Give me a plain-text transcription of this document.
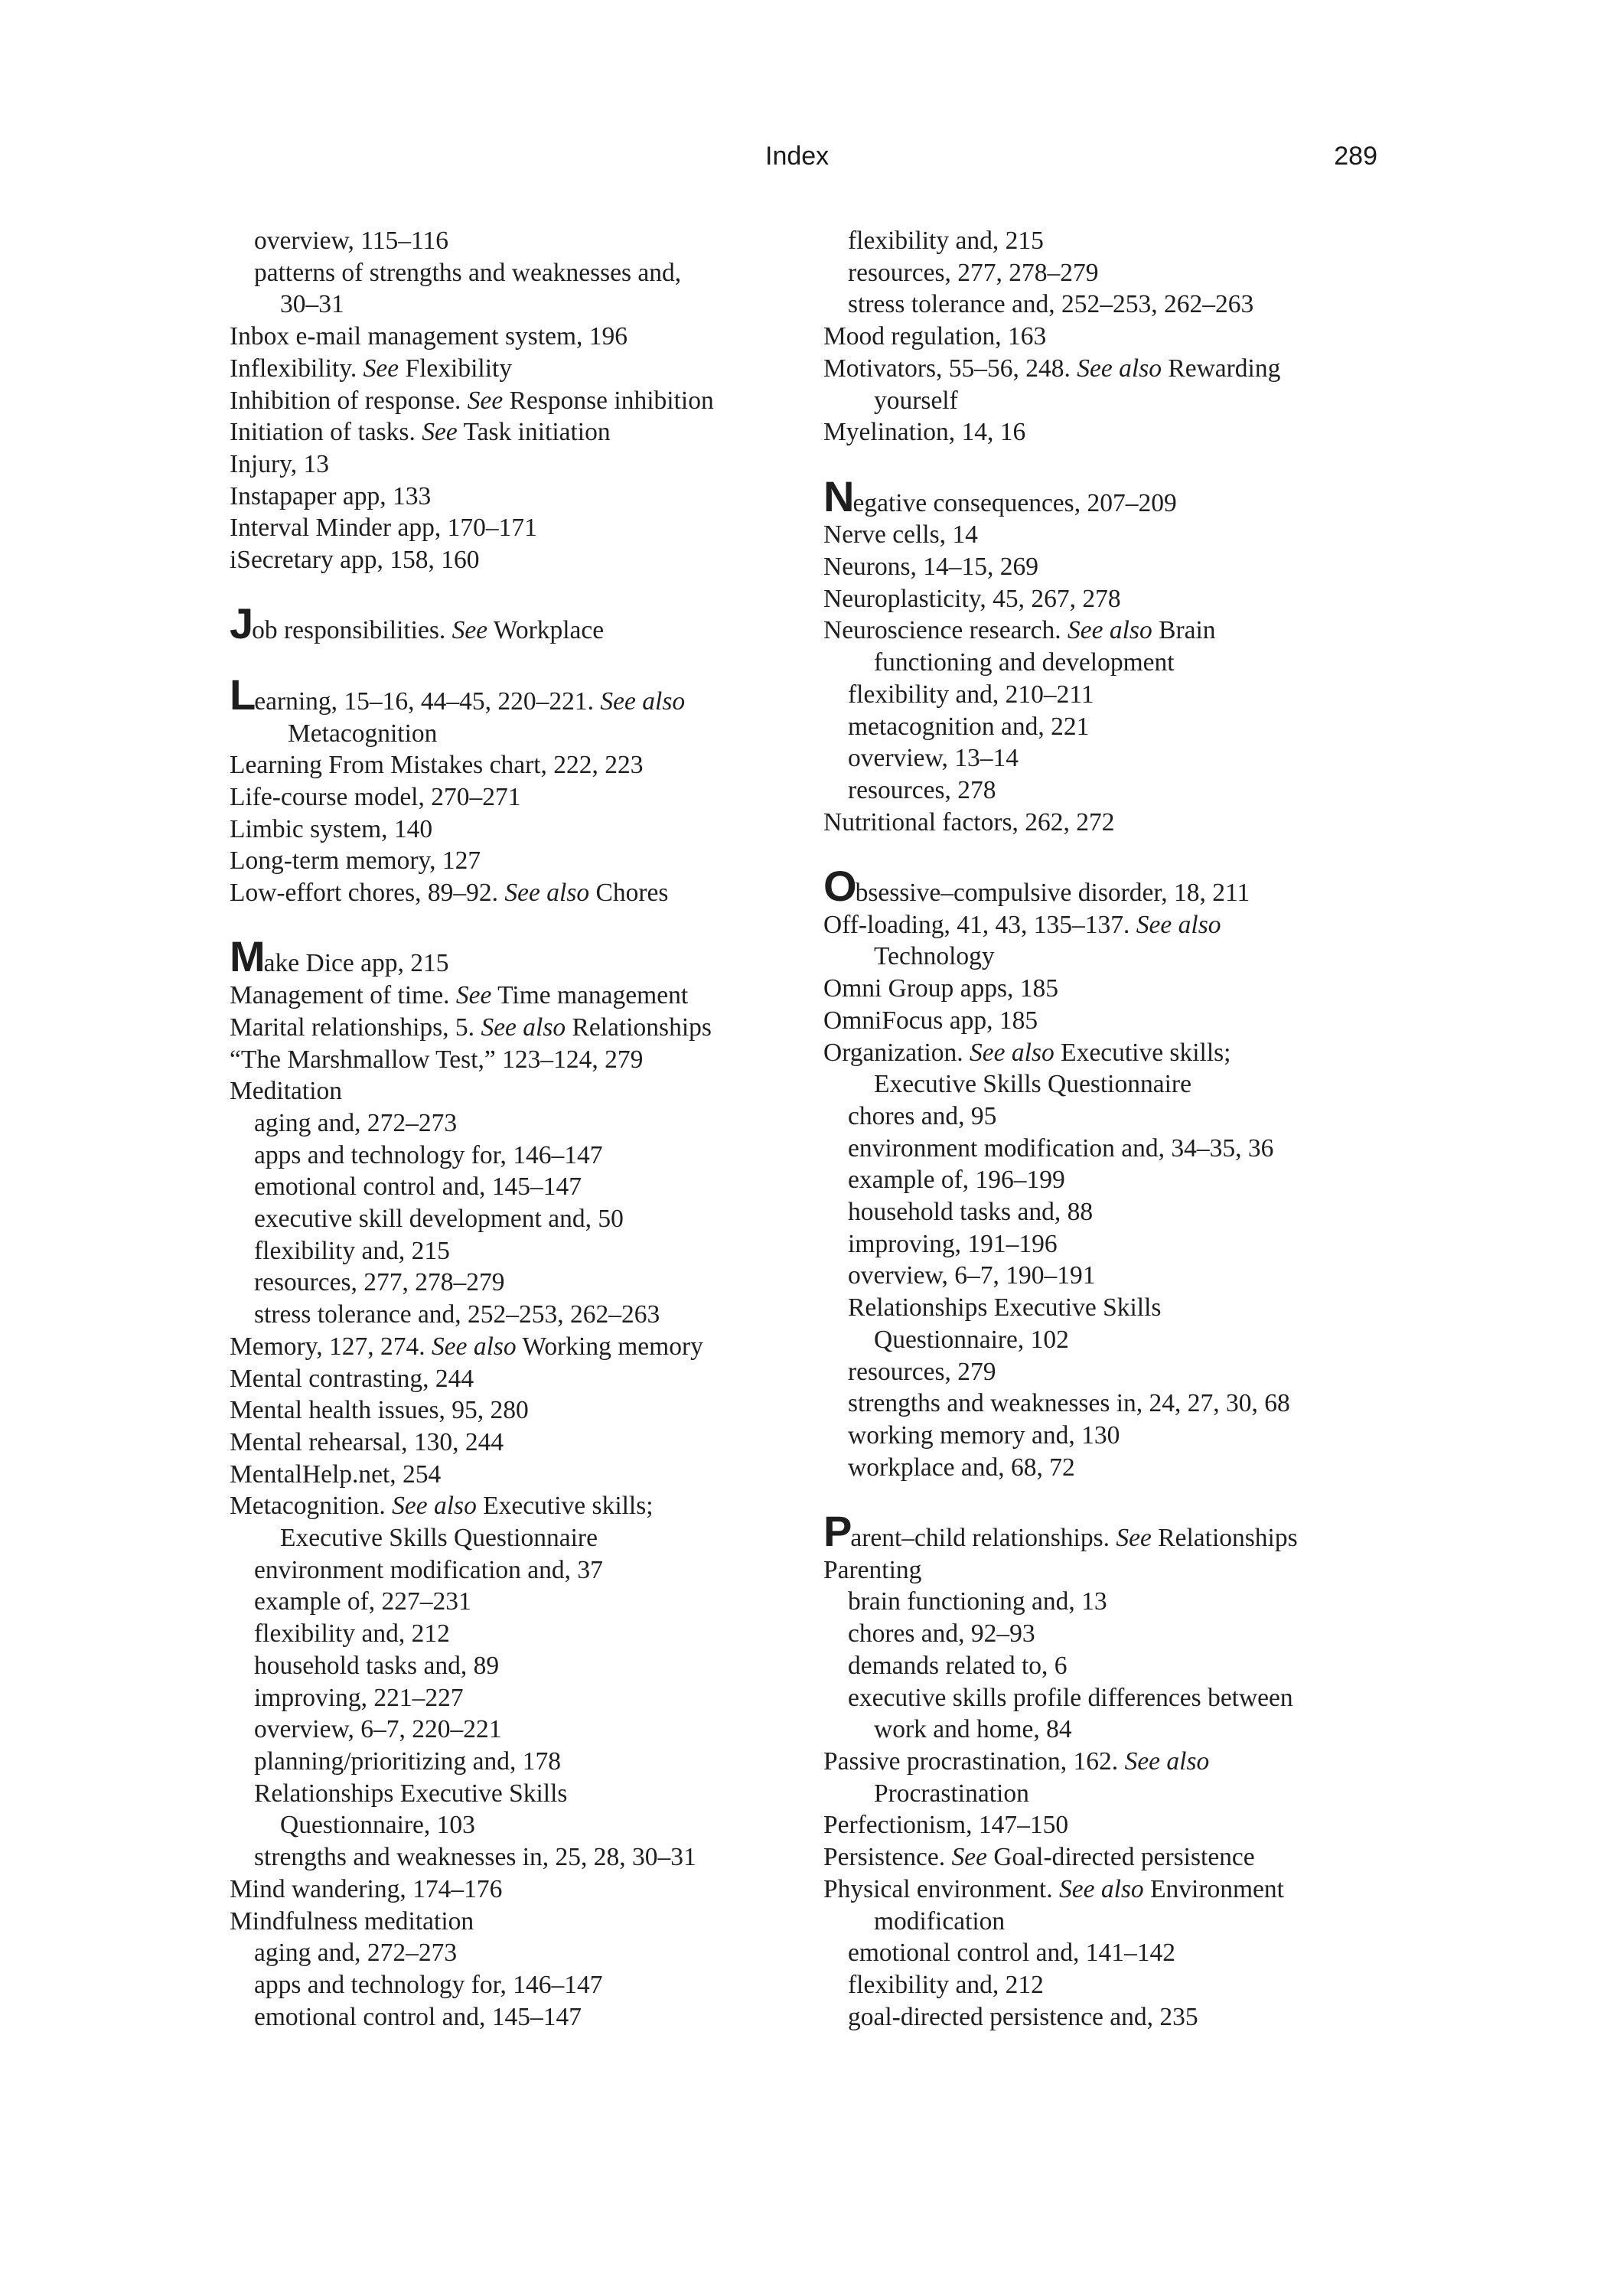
Index	289

overview, 115–116

patterns of strengths and weaknesses and,

30–31

Inbox e-mail management system, 196

Inflexibility. See Flexibility

Inhibition of response. See Response inhibition

Initiation of tasks. See Task initiation

Injury, 13

Instapaper app, 133

Interval Minder app, 170–171

iSecretary app, 158, 160

Job responsibilities. See Workplace

Learning, 15–16, 44–45, 220–221. See also

Metacognition

Learning From Mistakes chart, 222, 223

Life-course model, 270–271

Limbic system, 140

Long-term memory, 127

Low-effort chores, 89–92. See also Chores

Make Dice app, 215

Management of time. See Time management

Marital relationships, 5. See also Relationships

“The Marshmallow Test,” 123–124, 279

Meditation

aging and, 272–273

apps and technology for, 146–147

emotional control and, 145–147

executive skill development and, 50

flexibility and, 215

resources, 277, 278–279

stress tolerance and, 252–253, 262–263

Memory, 127, 274. See also Working memory

Mental contrasting, 244

Mental health issues, 95, 280

Mental rehearsal, 130, 244

MentalHelp.net, 254

Metacognition. See also Executive skills;

Executive Skills Questionnaire

environment modification and, 37

example of, 227–231

flexibility and, 212

household tasks and, 89

improving, 221–227

overview, 6–7, 220–221

planning/prioritizing and, 178

Relationships Executive Skills

Questionnaire, 103

strengths and weaknesses in, 25, 28, 30–31

Mind wandering, 174–176

Mindfulness meditation

aging and, 272–273

apps and technology for, 146–147

emotional control and, 145–147

flexibility and, 215

resources, 277, 278–279

stress tolerance and, 252–253, 262–263

Mood regulation, 163

Motivators, 55–56, 248. See also Rewarding

yourself

Myelination, 14, 16

Negative consequences, 207–209

Nerve cells, 14

Neurons, 14–15, 269

Neuroplasticity, 45, 267, 278

Neuroscience research. See also Brain

functioning and development

flexibility and, 210–211

metacognition and, 221

overview, 13–14

resources, 278

Nutritional factors, 262, 272

Obsessive–compulsive disorder, 18, 211

Off-loading, 41, 43, 135–137. See also

Technology

Omni Group apps, 185

OmniFocus app, 185

Organization. See also Executive skills;

Executive Skills Questionnaire

chores and, 95

environment modification and, 34–35, 36

example of, 196–199

household tasks and, 88

improving, 191–196

overview, 6–7, 190–191

Relationships Executive Skills

Questionnaire, 102

resources, 279

strengths and weaknesses in, 24, 27, 30, 68

working memory and, 130

workplace and, 68, 72

Parent–child relationships. See Relationships

Parenting

brain functioning and, 13

chores and, 92–93

demands related to, 6

executive skills profile differences between

work and home, 84

Passive procrastination, 162. See also

Procrastination

Perfectionism, 147–150

Persistence. See Goal-directed persistence

Physical environment. See also Environment

modification

emotional control and, 141–142

flexibility and, 212

goal-directed persistence and, 235
